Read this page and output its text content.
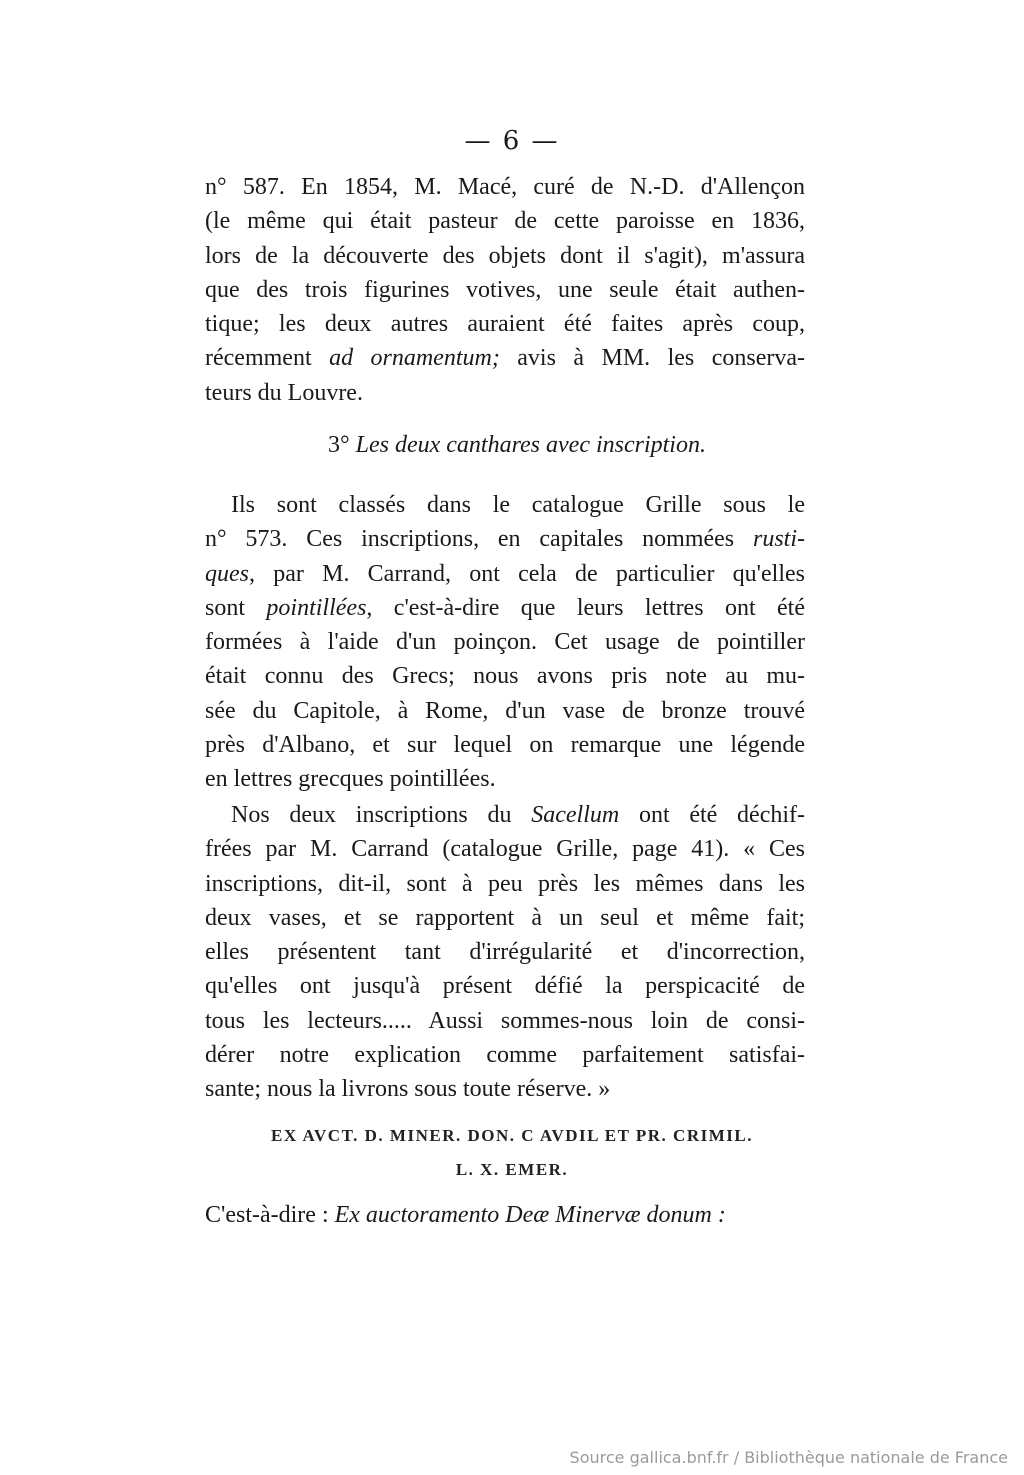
— 6 —
n° 587. En 1854, M. Macé, curé de N.-D. d'Allençon
(le même qui était pasteur de cette paroisse en 1836,
lors de la découverte des objets dont il s'agit), m'assura
que des trois figurines votives, une seule était authen-
tique; les deux autres auraient été faites après coup,
récemment ad ornamentum; avis à MM. les conserva-
teurs du Louvre.
3° Les deux canthares avec inscription.
Ils sont classés dans le catalogue Grille sous le
n° 573. Ces inscriptions, en capitales nommées rusti-
ques, par M. Carrand, ont cela de particulier qu'elles
sont pointillées, c'est-à-dire que leurs lettres ont été
formées à l'aide d'un poinçon. Cet usage de pointiller
était connu des Grecs; nous avons pris note au mu-
sée du Capitole, à Rome, d'un vase de bronze trouvé
près d'Albano, et sur lequel on remarque une légende
en lettres grecques pointillées.
Nos deux inscriptions du Sacellum ont été déchif-
frées par M. Carrand (catalogue Grille, page 41). « Ces
inscriptions, dit-il, sont à peu près les mêmes dans les
deux vases, et se rapportent à un seul et même fait;
elles présentent tant d'irrégularité et d'incorrection,
qu'elles ont jusqu'à présent défié la perspicacité de
tous les lecteurs..... Aussi sommes-nous loin de consi-
dérer notre explication comme parfaitement satisfai-
sante; nous la livrons sous toute réserve. »
EX AVCT. D. MINER. DON. C AVDIL ET PR. CRIMIL.
L. X. EMER.
C'est-à-dire : Ex auctoramento Deæ Minervæ donum :
Source gallica.bnf.fr / Bibliothèque nationale de France
